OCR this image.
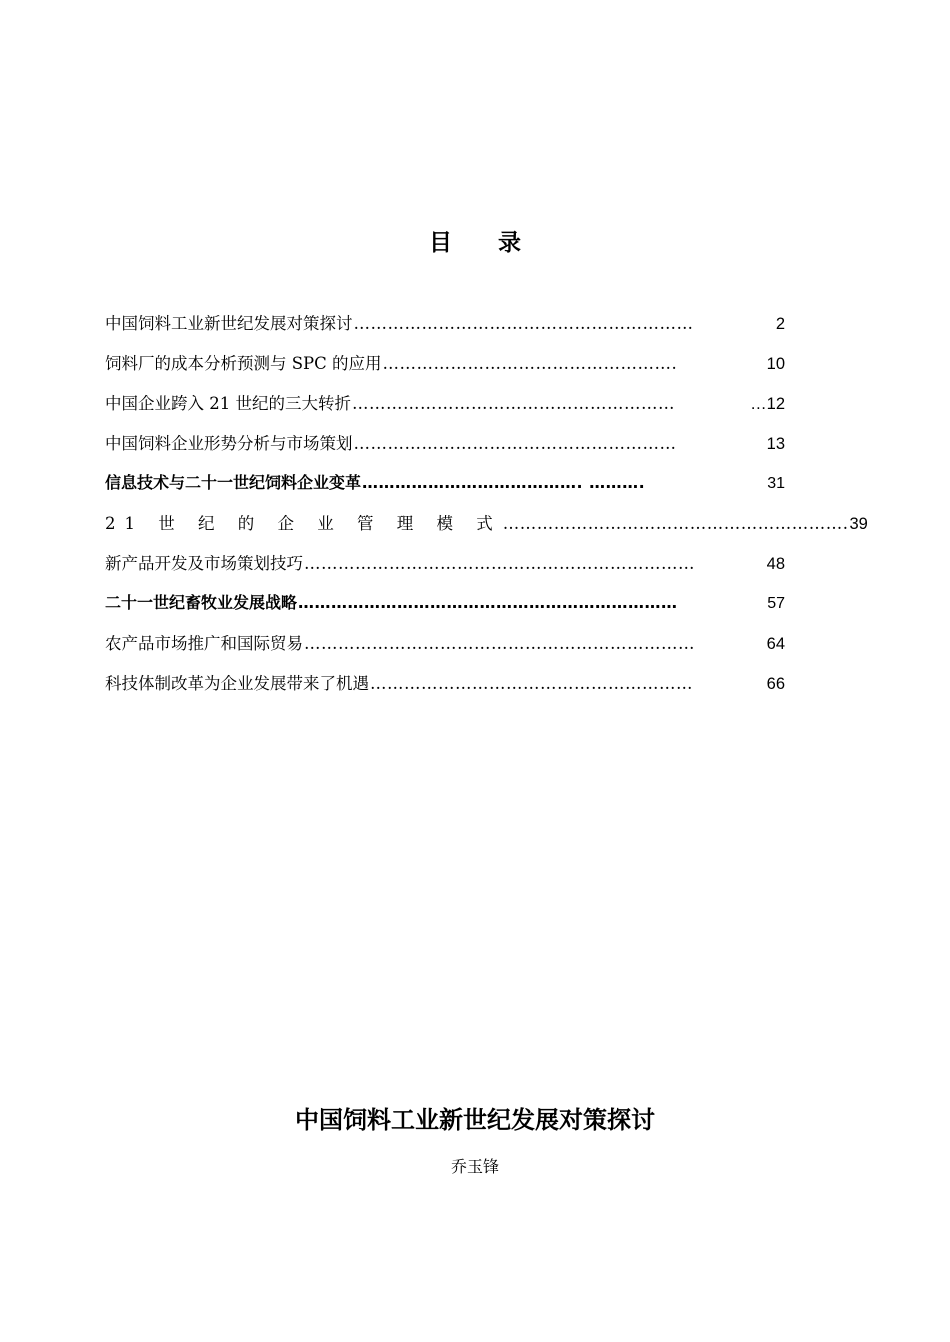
目 录
中国饲料工业新世纪发展对策探讨 ……………………………………………………	2
饲料厂的成本分析预测与 SPC 的应用 …………………………………………….	10
中国企业跨入 21 世纪的三大转折 …………………………………………………	…12
中国饲料企业形势分析与市场策划 …………………………………………………	13
信息技术与二十一世纪饲料企业变革 …………………………………. ……….	31
21 世 纪 的 企 业 管 理 模 式 ……………………………………………………. 39
新产品开发及市场策划技巧 ……………………………………………………………	48
二十一世纪畜牧业发展战略 ……………………………………………………………	57
农产品市场推广和国际贸易 ……………………………………………………………	64
科技体制改革为企业发展带来了机遇 …………………………………………………	66
中国饲料工业新世纪发展对策探讨
乔玉锋
